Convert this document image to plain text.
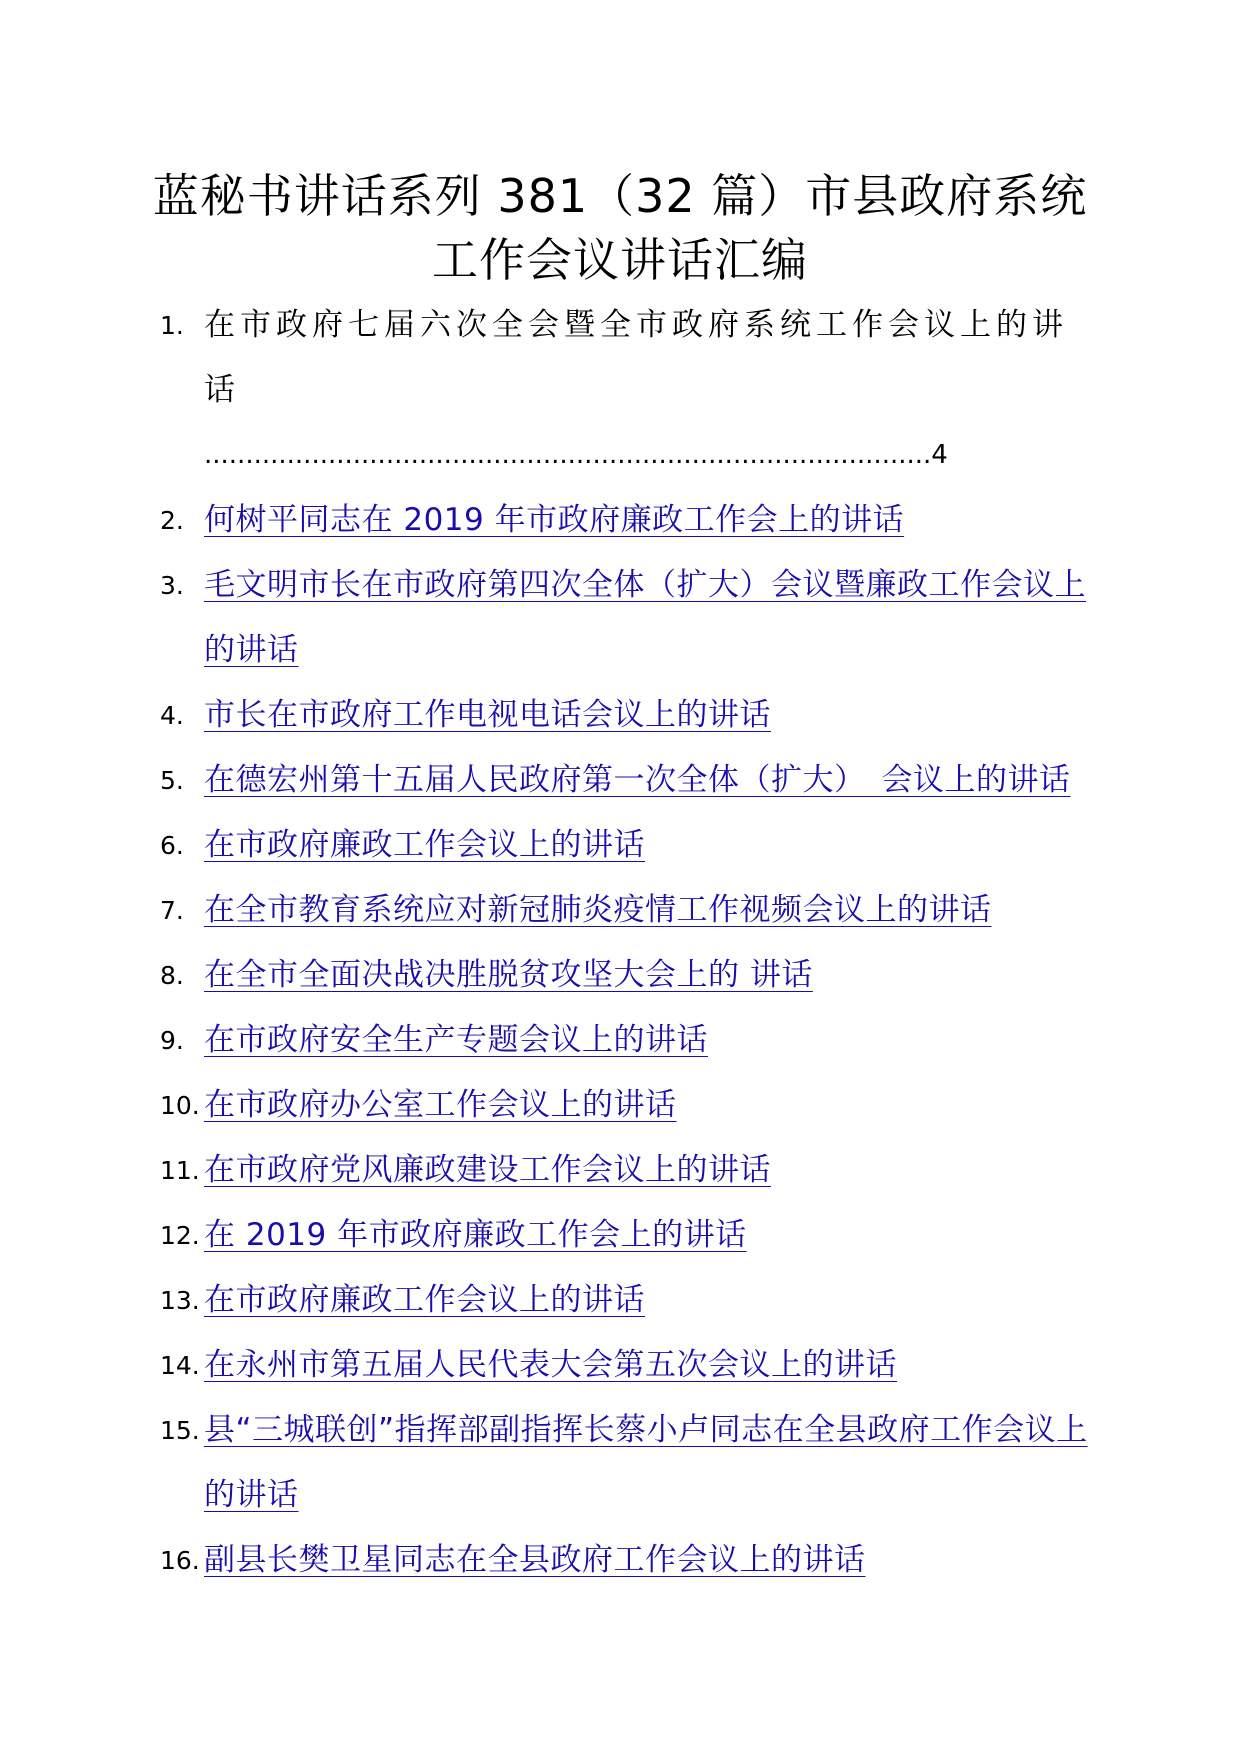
蓝秘书讲话系列 381（32 篇）市县政府系统
工作会议讲话汇编
1. 在市政府七届六次全会暨全市政府系统工作会议上的讲话
........................................................................................4
2. 何树平同志在 2019 年市政府廉政工作会上的讲话
3. 毛文明市长在市政府第四次全体（扩大）会议暨廉政工作会议上的讲话
4. 市长在市政府工作电视电话会议上的讲话
5. 在德宏州第十五届人民政府第一次全体（扩大）　会议上的讲话
6. 在市政府廉政工作会议上的讲话
7. 在全市教育系统应对新冠肺炎疫情工作视频会议上的讲话
8. 在全市全面决战决胜脱贫攻坚大会上的 讲话
9. 在市政府安全生产专题会议上的讲话
10. 在市政府办公室工作会议上的讲话
11. 在市政府党风廉政建设工作会议上的讲话
12. 在 2019 年市政府廉政工作会上的讲话
13. 在市政府廉政工作会议上的讲话
14. 在永州市第五届人民代表大会第五次会议上的讲话
15. 县“三城联创”指挥部副指挥长蔡小卢同志在全县政府工作会议上的讲话
16. 副县长樊卫星同志在全县政府工作会议上的讲话
